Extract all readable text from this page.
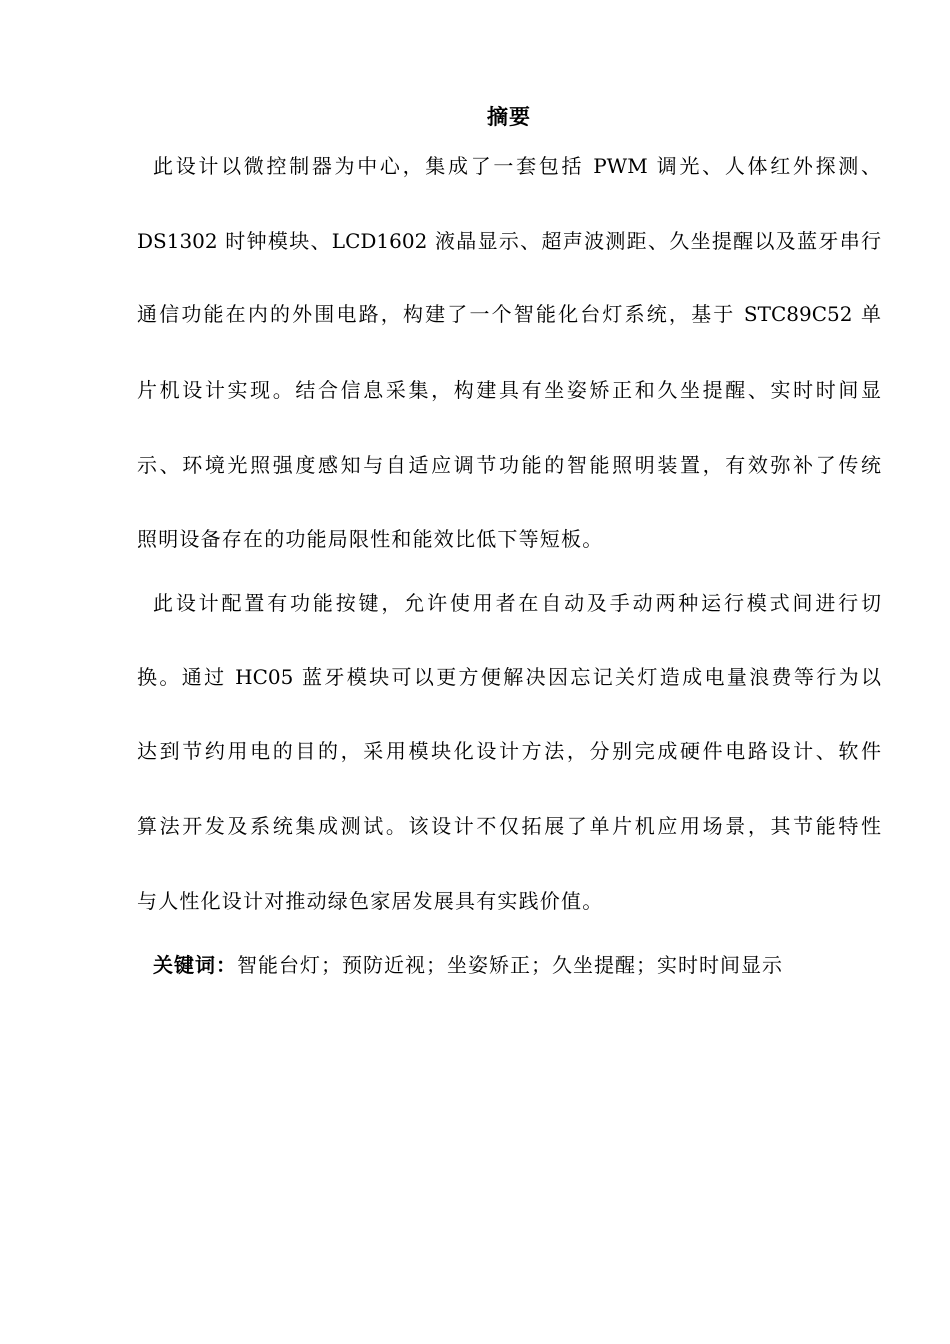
摘要
此设计以微控制器为中心，集成了一套包括 PWM 调光、人体红外探测、
DS1302 时钟模块、LCD1602 液晶显示、超声波测距、久坐提醒以及蓝牙串行
通信功能在内的外围电路，构建了一个智能化台灯系统，基于 STC89C52 单
片机设计实现。结合信息采集，构建具有坐姿矫正和久坐提醒、实时时间显
示、环境光照强度感知与自适应调节功能的智能照明装置，有效弥补了传统
照明设备存在的功能局限性和能效比低下等短板。
此设计配置有功能按键，允许使用者在自动及手动两种运行模式间进行切
换。通过 HC05 蓝牙模块可以更方便解决因忘记关灯造成电量浪费等行为以
达到节约用电的目的，采用模块化设计方法，分别完成硬件电路设计、软件
算法开发及系统集成测试。该设计不仅拓展了单片机应用场景，其节能特性
与人性化设计对推动绿色家居发展具有实践价值。
关键词：智能台灯；预防近视；坐姿矫正；久坐提醒；实时时间显示
